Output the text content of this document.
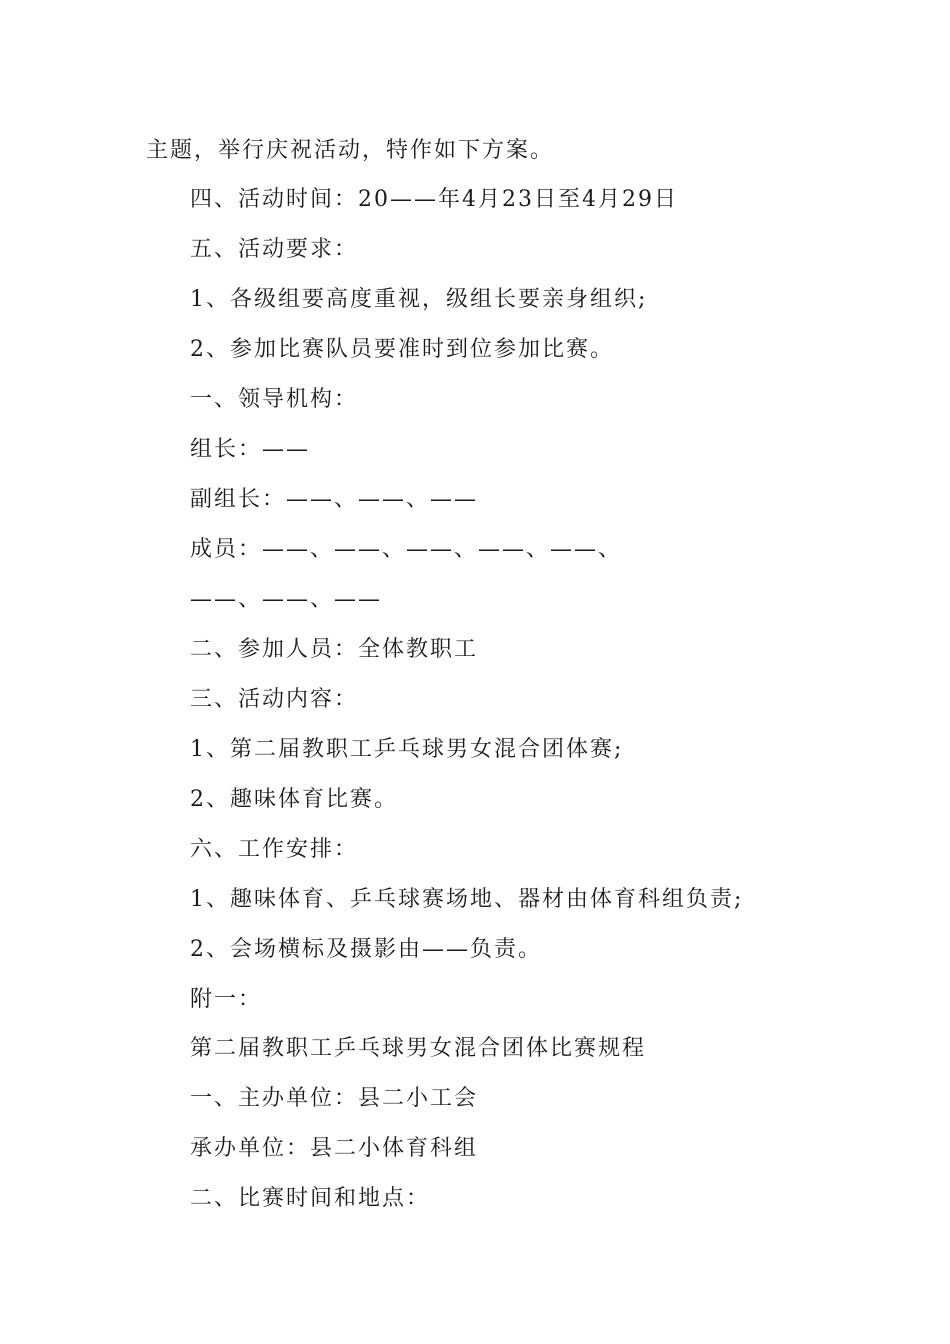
主题，举行庆祝活动，特作如下方案。
四、活动时间：20——年4月23日至4月29日
五、活动要求：
1、各级组要高度重视，级组长要亲身组织;
2、参加比赛队员要准时到位参加比赛。
一、领导机构：
组长：——
副组长：——、——、——
成员：——、——、——、——、——、
——、——、——
二、参加人员：全体教职工
三、活动内容：
1、第二届教职工乒乓球男女混合团体赛;
2、趣味体育比赛。
六、工作安排：
1、趣味体育、乒乓球赛场地、器材由体育科组负责;
2、会场横标及摄影由——负责。
附一：
第二届教职工乒乓球男女混合团体比赛规程
一、主办单位：县二小工会
承办单位：县二小体育科组
二、比赛时间和地点：
